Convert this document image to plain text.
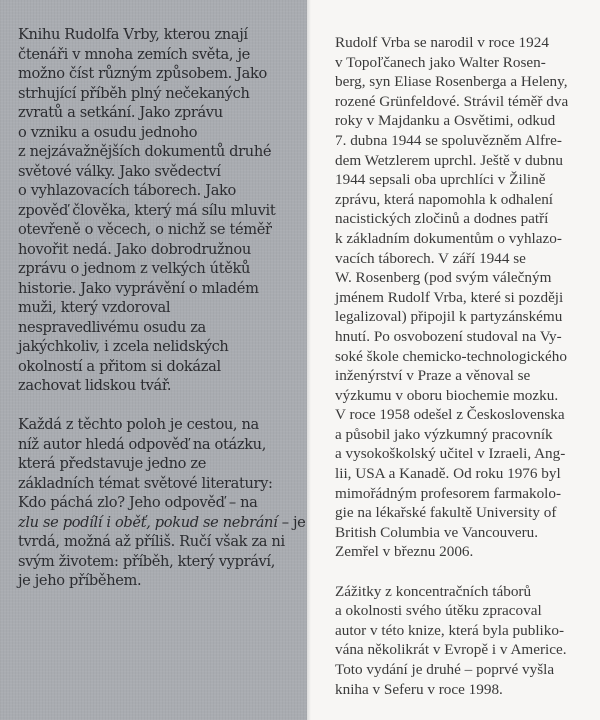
Knihu Rudolfa Vrby, kterou znají
čtenáři v mnoha zemích světa, je
možno číst různým způsobem. Jako
strhující příběh plný nečekaných
zvratů a setkání. Jako zprávu
o vzniku a osudu jednoho
z nejzávažnějších dokumentů druhé
světové války. Jako svědectví
o vyhlazovacích táborech. Jako
zpověď člověka, který má sílu mluvit
otevřeně o věcech, o nichž se téměř
hovořit nedá. Jako dobrodružnou
zprávu o jednom z velkých útěků
historie. Jako vyprávění o mladém
muži, který vzdoroval
nespravedlivému osudu za
jakýchkoliv, i zcela nelidských
okolností a přitom si dokázal
zachovat lidskou tvář.
Každá z těchto poloh je cestou, na
níž autor hledá odpověď na otázku,
která představuje jedno ze
základních témat světové literatury:
Kdo páchá zlo? Jeho odpověď – na
zlu se podílí i oběť, pokud se nebrání – je
tvrdá, možná až příliš. Ručí však za ni
svým životem: příběh, který vypráví,
je jeho příběhem.
Rudolf Vrba se narodil v roce 1924
v Topoľčanech jako Walter Rosen-
berg, syn Eliase Rosenberga a Heleny,
rozené Grünfeldové. Strávil téměř dva
roky v Majdanku a Osvětimi, odkud
7. dubna 1944 se spoluvězněm Alfre-
dem Wetzlerem uprchl. Ještě v dubnu
1944 sepsali oba uprchlíci v Žilině
zprávu, která napomohla k odhalení
nacistických zločinů a dodnes patří
k základním dokumentům o vyhlazo-
vacích táborech. V září 1944 se
W. Rosenberg (pod svým válečným
jménem Rudolf Vrba, které si později
legalizoval) připojil k partyzánskému
hnutí. Po osvobození studoval na Vy-
soké škole chemicko-technologického
inženýrství v Praze a věnoval se
výzkumu v oboru biochemie mozku.
V roce 1958 odešel z Československa
a působil jako výzkumný pracovník
a vysokoškolský učitel v Izraeli, Ang-
lii, USA a Kanadě. Od roku 1976 byl
mimořádným profesorem farmakolo-
gie na lékařské fakultě University of
British Columbia ve Vancouveru.
Zemřel v březnu 2006.
Zážitky z koncentračních táborů
a okolnosti svého útěku zpracoval
autor v této knize, která byla publiko-
vána několikrát v Evropě i v Americe.
Toto vydání je druhé – poprvé vyšla
kniha v Seferu v roce 1998.
